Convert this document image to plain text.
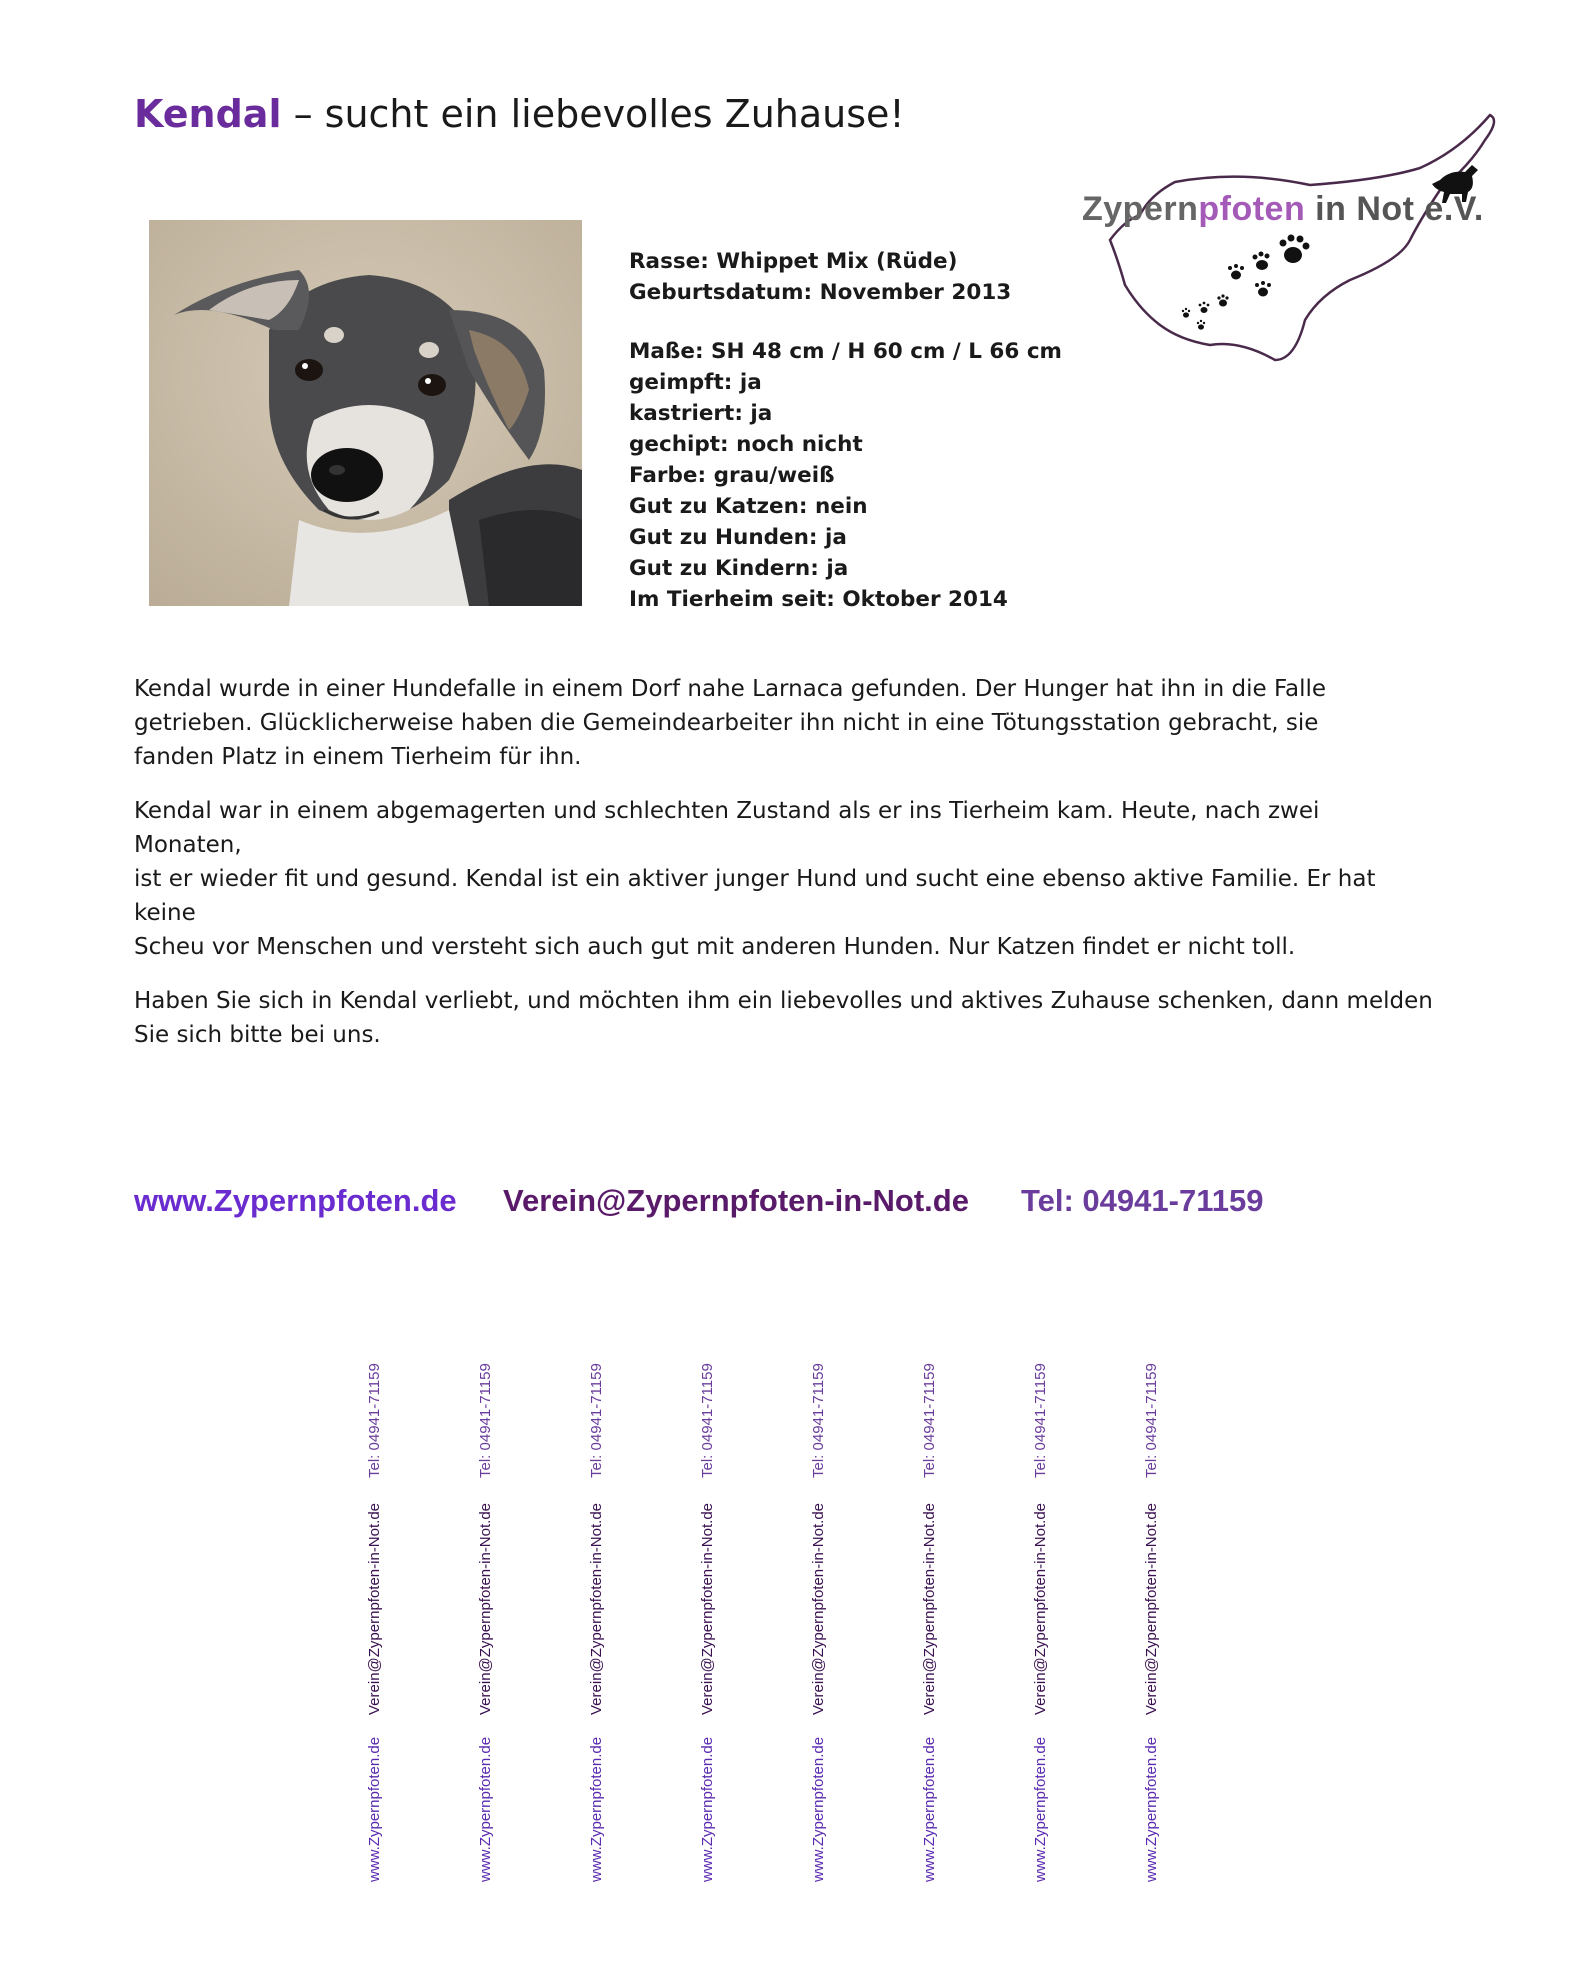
Kendal – sucht ein liebevolles Zuhause!
Zypernpfoten in Not e.V.
Rasse: Whippet Mix (Rüde)
Geburtsdatum: November 2013
Maße: SH 48 cm / H 60 cm / L 66 cm
geimpft: ja
kastriert: ja
gechipt: noch nicht
Farbe: grau/weiß
Gut zu Katzen: nein
Gut zu Hunden: ja
Gut zu Kindern: ja
Im Tierheim seit: Oktober 2014

Kendal wurde in einer Hundefalle in einem Dorf nahe Larnaca gefunden. Der Hunger hat ihn in die Falle
getrieben. Glücklicherweise haben die Gemeindearbeiter ihn nicht in eine Tötungsstation gebracht, sie
fanden Platz in einem Tierheim für ihn.

Kendal war in einem abgemagerten und schlechten Zustand als er ins Tierheim kam. Heute, nach zwei Monaten,
ist er wieder fit und gesund. Kendal ist ein aktiver junger Hund und sucht eine ebenso aktive Familie. Er hat keine
Scheu vor Menschen und versteht sich auch gut mit anderen Hunden. Nur Katzen findet er nicht toll.

Haben Sie sich in Kendal verliebt, und möchten ihm ein liebevolles und aktives Zuhause schenken, dann melden
Sie sich bitte bei uns.

www.Zypernpfoten.de Verein@Zypernpfoten-in-Not.de Tel: 04941-71159
www.Zypernpfoten.de
Verein@Zypernpfoten-in-Not.de
Tel: 04941-71159
www.Zypernpfoten.de
Verein@Zypernpfoten-in-Not.de
Tel: 04941-71159
www.Zypernpfoten.de
Verein@Zypernpfoten-in-Not.de
Tel: 04941-71159
www.Zypernpfoten.de
Verein@Zypernpfoten-in-Not.de
Tel: 04941-71159
www.Zypernpfoten.de
Verein@Zypernpfoten-in-Not.de
Tel: 04941-71159
www.Zypernpfoten.de
Verein@Zypernpfoten-in-Not.de
Tel: 04941-71159
www.Zypernpfoten.de
Verein@Zypernpfoten-in-Not.de
Tel: 04941-71159
www.Zypernpfoten.de
Verein@Zypernpfoten-in-Not.de
Tel: 04941-71159
